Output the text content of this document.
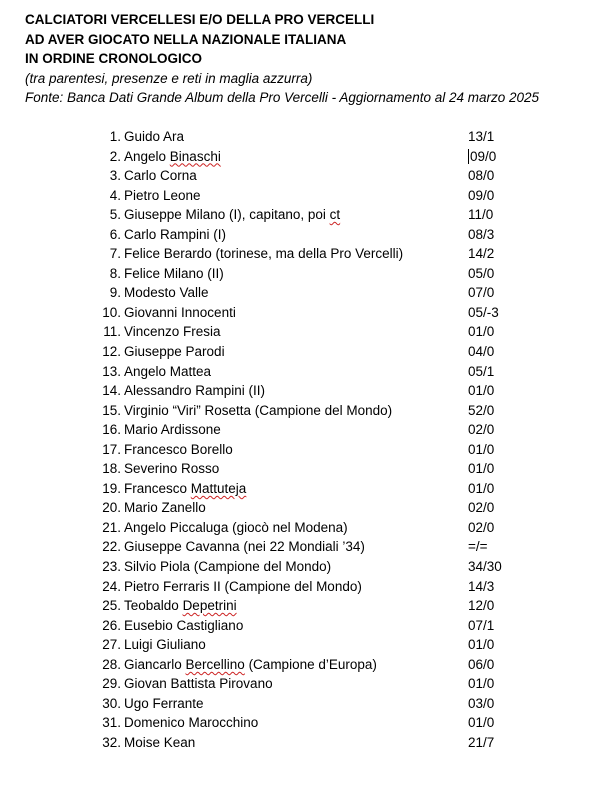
CALCIATORI VERCELLESI E/O DELLA PRO VERCELLI
AD AVER GIOCATO NELLA NAZIONALE ITALIANA
IN ORDINE CRONOLOGICO
(tra parentesi, presenze e reti in maglia azzurra)
Fonte: Banca Dati Grande Album della Pro Vercelli - Aggiornamento al 24 marzo 2025
1. Guido Ara	13/1
2. Angelo Binaschi	09/0
3. Carlo Corna	08/0
4. Pietro Leone	09/0
5. Giuseppe Milano (I), capitano, poi ct	11/0
6. Carlo Rampini (I)	08/3
7. Felice Berardo (torinese, ma della Pro Vercelli)	14/2
8. Felice Milano (II)	05/0
9. Modesto Valle	07/0
10. Giovanni Innocenti	05/-3
11. Vincenzo Fresia	01/0
12. Giuseppe Parodi	04/0
13. Angelo Mattea	05/1
14. Alessandro Rampini (II)	01/0
15. Virginio “Viri” Rosetta (Campione del Mondo)	52/0
16. Mario Ardissone	02/0
17. Francesco Borello	01/0
18. Severino Rosso	01/0
19. Francesco Mattuteja	01/0
20. Mario Zanello	02/0
21. Angelo Piccaluga (giocò nel Modena)	02/0
22. Giuseppe Cavanna (nei 22 Mondiali ’34)	=/=
23. Silvio Piola (Campione del Mondo)	34/30
24. Pietro Ferraris II (Campione del Mondo)	14/3
25. Teobaldo Depetrini	12/0
26. Eusebio Castigliano	07/1
27. Luigi Giuliano	01/0
28. Giancarlo Bercellino (Campione d’Europa)	06/0
29. Giovan Battista Pirovano	01/0
30. Ugo Ferrante	03/0
31. Domenico Marocchino	01/0
32. Moise Kean	21/7
